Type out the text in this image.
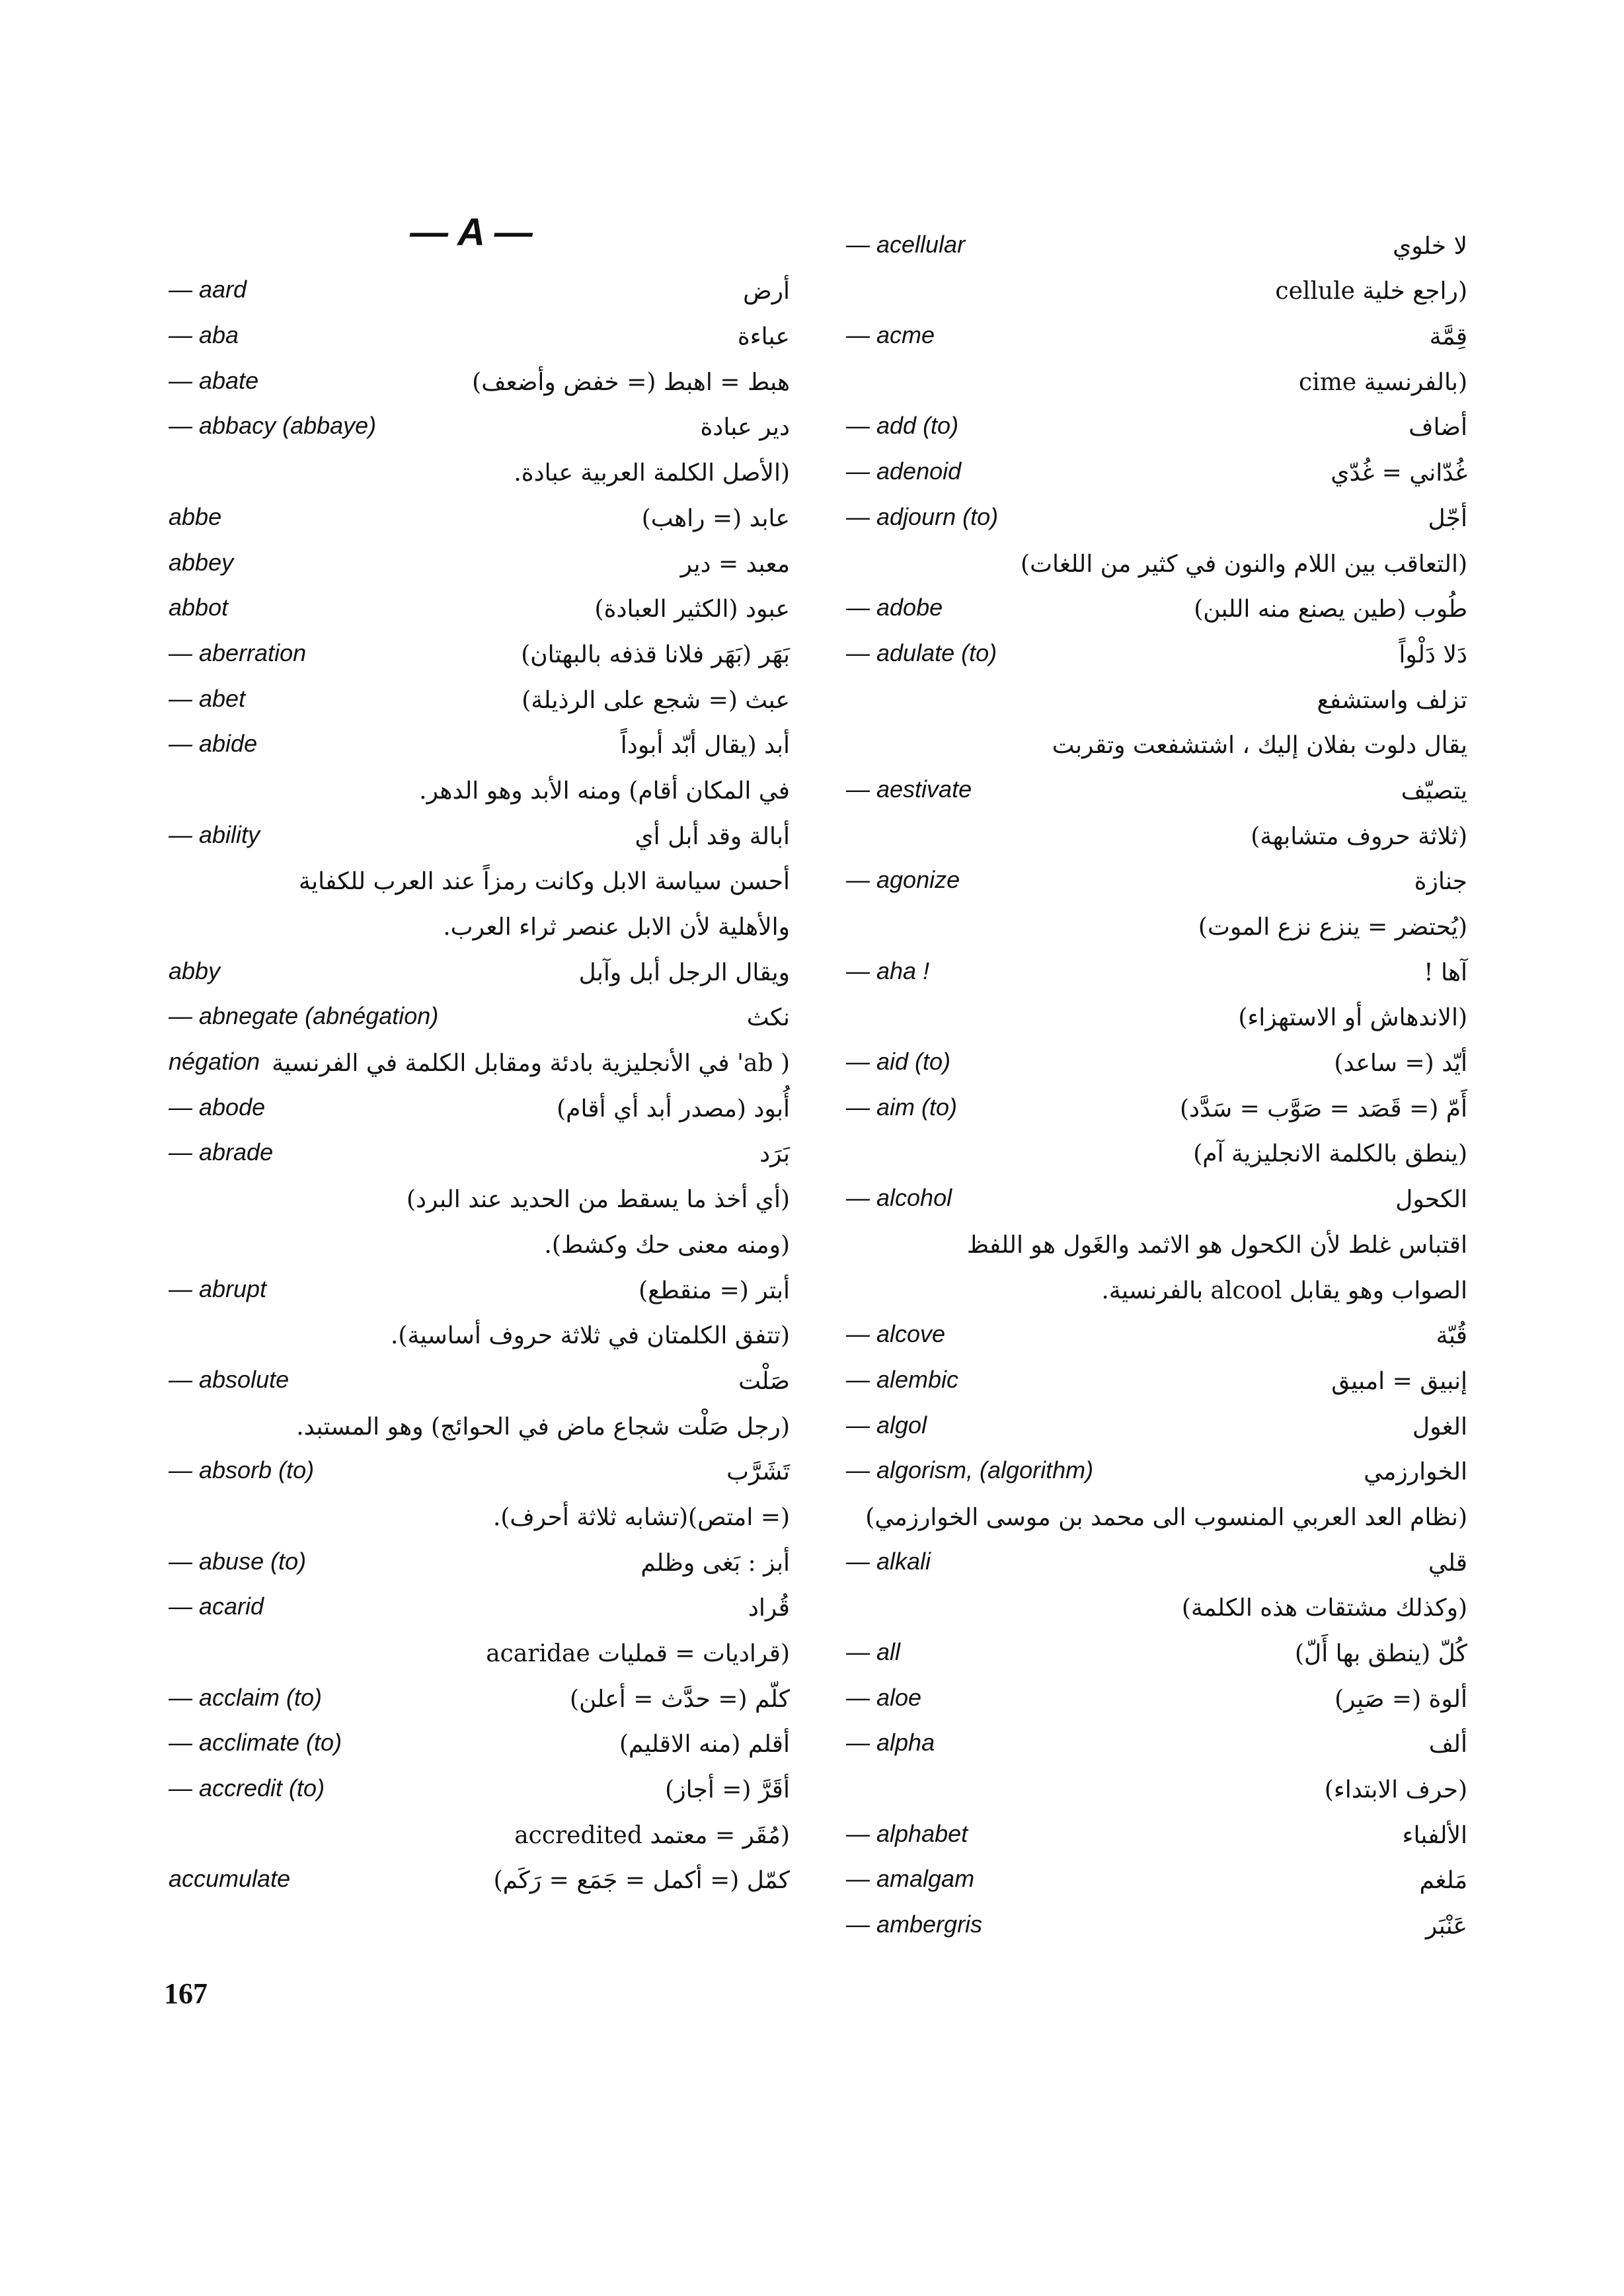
— A —
— aard	أرض
— aba	عباءة
— abate	هبط = اهبط (= خفض وأضعف)
— abbacy (abbaye)	دير عبادة
(الأصل الكلمة العربية عبادة.
abbe	عابد (= راهب)
abbey	معبد = دير
abbot	عبود (الكثير العبادة)
— aberration	بَهَر (بَهَر فلانا قذفه بالبهتان)
— abet	عبث (= شجع على الرذيلة)
— abide	أبد (يقال أبّد أبوداً
في المكان أقام) ومنه الأبد وهو الدهر.
— ability	أبالة وقد أبل أي
أحسن سياسة الابل وكانت رمزاً عند العرب للكفاية
والأهلية لأن الابل عنصر ثراء العرب.
abby	ويقال الرجل أبل وآبل
— abnegate (abnégation)	نكث
négation ( ab' في الأنجليزية بادئة ومقابل الكلمة في الفرنسية
— abode	أُبود (مصدر أبد أي أقام)
— abrade	بَرَد
(أي أخذ ما يسقط من الحديد عند البرد)
(ومنه معنى حك وكشط).
— abrupt	أبتر (= منقطع)
(تتفق الكلمتان في ثلاثة حروف أساسية).
— absolute	صَلْت
(رجل صَلْت شجاع ماض في الحوائج) وهو المستبد.
— absorb (to)	تَشَرَّب
(= امتص)(تشابه ثلاثة أحرف).
— abuse (to)	أبز : بَغى وظلم
— acarid	قُراد
(قراديات = قمليات acaridae
— acclaim (to)	كلّم (= حدَّث = أعلن)
— acclimate (to)	أقلم (منه الاقليم)
— accredit (to)	أقَرَّ (= أجاز)
(مُقَر = معتمد accredited
accumulate	كمّل (= أكمل = جَمَع = رَكَم)
— acellular	لا خلوي
(راجع خلية cellule
— acme	قِمَّة
(بالفرنسية cime
— add (to)	أضاف
— adenoid	غُدّاني = غُدّي
— adjourn (to)	أجّل
(التعاقب بين اللام والنون في كثير من اللغات)
— adobe	طُوب (طين يصنع منه اللبن)
— adulate (to)	دَلا دَلْواً
تزلف واستشفع
يقال دلوت بفلان إليك ، اشتشفعت وتقربت
— aestivate	يتصيّف
(ثلاثة حروف متشابهة)
— agonize	جنازة
(يُحتضر = ينزع نزع الموت)
— aha !	آها !
(الاندهاش أو الاستهزاء)
— aid (to)	أيّد (= ساعد)
— aim (to)	أَمّ (= قَصَد = صَوَّب = سَدَّد)
(ينطق بالكلمة الانجليزية آم)
— alcohol	الكحول
اقتباس غلط لأن الكحول هو الاثمد والغَول هو اللفظ
الصواب وهو يقابل alcool بالفرنسية.
— alcove	قُبّة
— alembic	إنبيق = امبيق
— algol	الغول
— algorism, (algorithm)	الخوارزمي
(نظام العد العربي المنسوب الى محمد بن موسى الخوارزمي)
— alkali	قلي
(وكذلك مشتقات هذه الكلمة)
— all	كُلّ (ينطق بها أَلّ)
— aloe	ألوة (= صَبِر)
— alpha	ألف
(حرف الابتداء)
— alphabet	الألفباء
— amalgam	مَلغم
— ambergris	عَنْبَر
167
